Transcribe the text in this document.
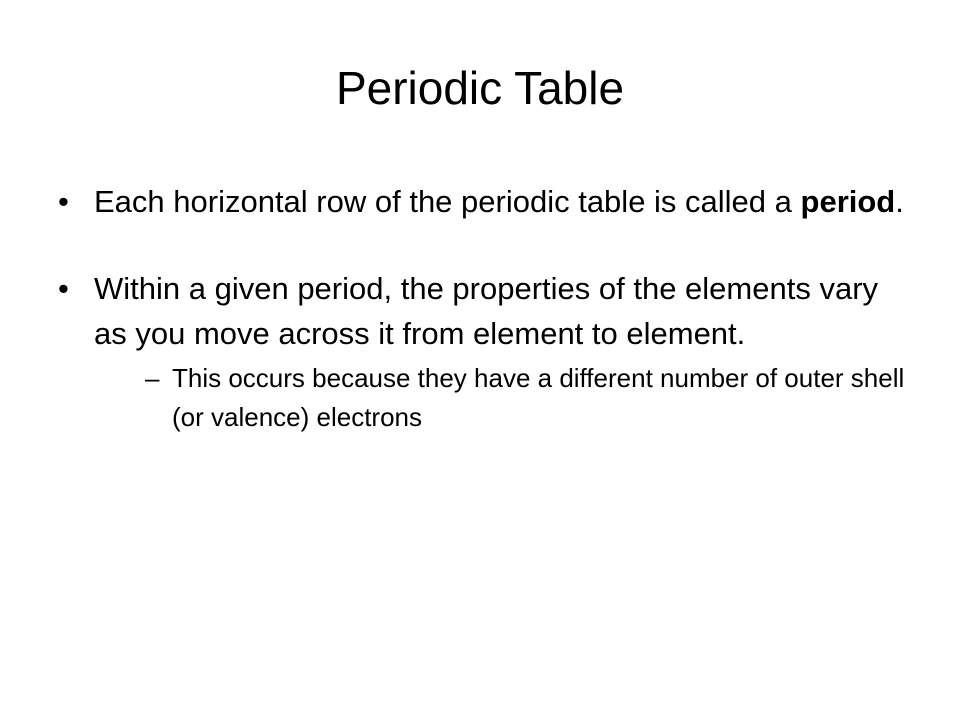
Periodic Table
• Each horizontal row of the periodic table is called a period.
• Within a given period, the properties of the elements vary as you move across it from element to element.
– This occurs because they have a different number of outer shell (or valence) electrons
